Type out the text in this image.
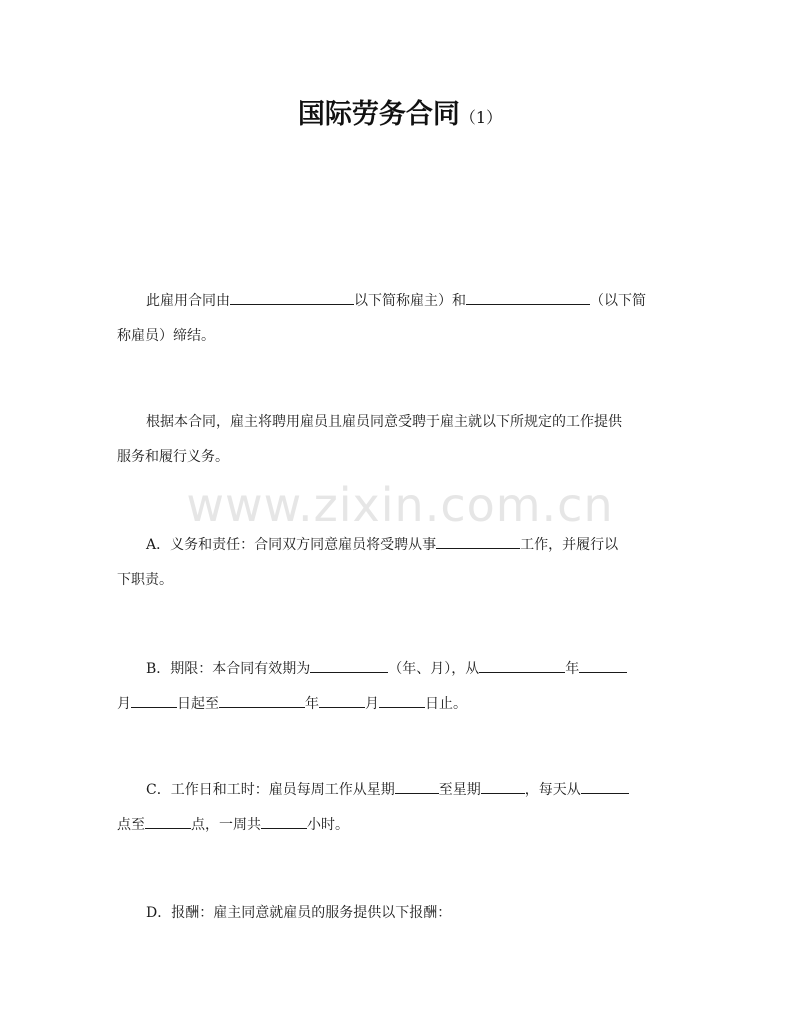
国际劳务合同（1）
www.zixin.com.cn
此雇用合同由	以下简称雇主）和	（以下简
称雇员）缔结。
根据本合同，雇主将聘用雇员且雇员同意受聘于雇主就以下所规定的工作提供
服务和履行义务。
A．义务和责任：合同双方同意雇员将受聘从事	工作，并履行以
下职责。
B．期限：本合同有效期为	（年、月），从	年
月	日起至	年	月	日止。
C．工作日和工时：雇员每周工作从星期	至星期	，每天从
点至	点，一周共	小时。
D．报酬：雇主同意就雇员的服务提供以下报酬：
